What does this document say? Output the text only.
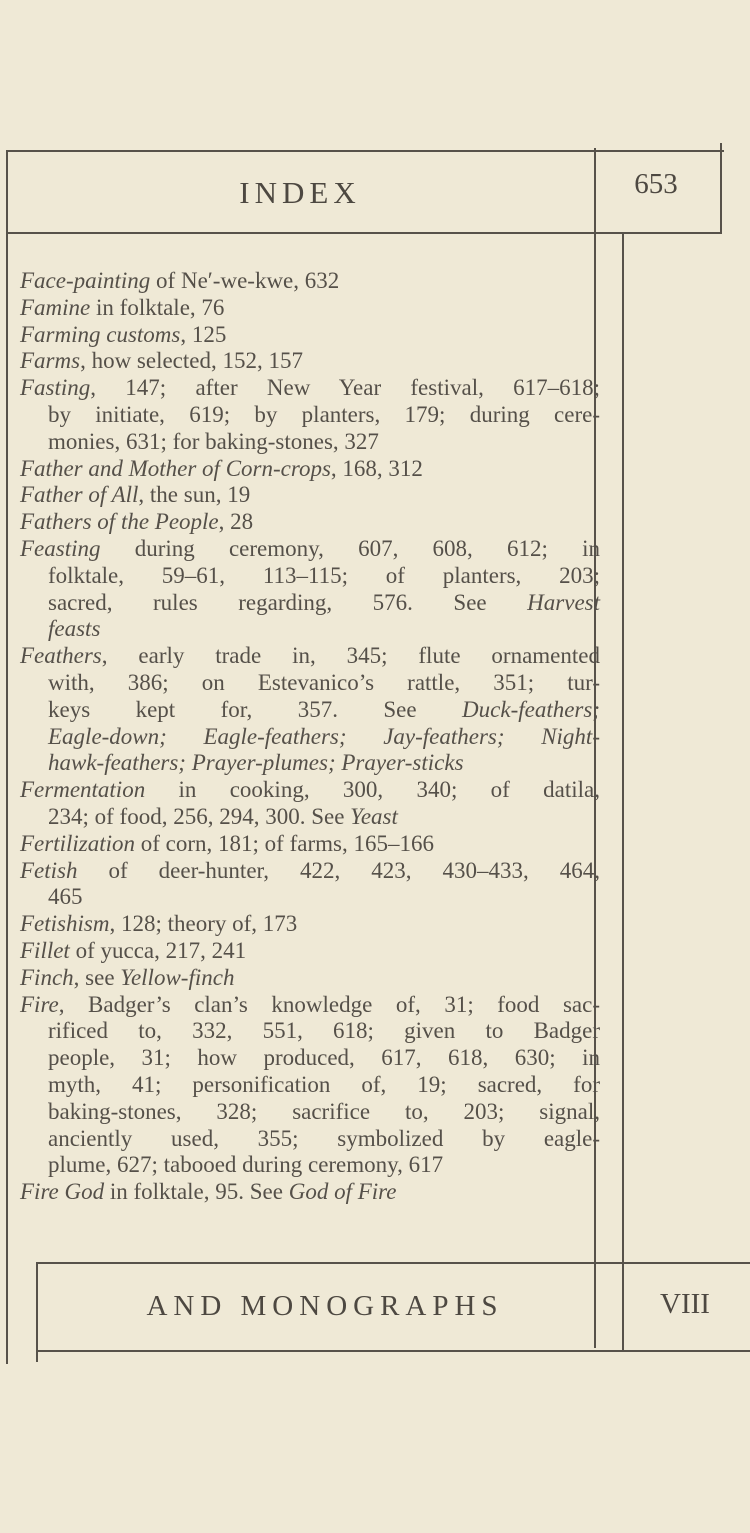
INDEX	653
Face-painting of Ne′-we-kwe, 632
Famine in folktale, 76
Farming customs, 125
Farms, how selected, 152, 157
Fasting, 147; after New Year festival, 617–618;
by initiate, 619; by planters, 179; during cere-
monies, 631; for baking-stones, 327
Father and Mother of Corn-crops, 168, 312
Father of All, the sun, 19
Fathers of the People, 28
Feasting during ceremony, 607, 608, 612; in
folktale, 59–61, 113–115; of planters, 203;
sacred, rules regarding, 576. See Harvest
feasts
Feathers, early trade in, 345; flute ornamented
with, 386; on Estevanico’s rattle, 351; tur-
keys kept for, 357. See Duck-feathers;
Eagle-down; Eagle-feathers; Jay-feathers; Night-
hawk-feathers; Prayer-plumes; Prayer-sticks
Fermentation in cooking, 300, 340; of datila,
234; of food, 256, 294, 300. See Yeast
Fertilization of corn, 181; of farms, 165–166
Fetish of deer-hunter, 422, 423, 430–433, 464,
465
Fetishism, 128; theory of, 173
Fillet of yucca, 217, 241
Finch, see Yellow-finch
Fire, Badger’s clan’s knowledge of, 31; food sac-
rificed to, 332, 551, 618; given to Badger
people, 31; how produced, 617, 618, 630; in
myth, 41; personification of, 19; sacred, for
baking-stones, 328; sacrifice to, 203; signal,
anciently used, 355; symbolized by eagle-
plume, 627; tabooed during ceremony, 617
Fire God in folktale, 95. See God of Fire
AND MONOGRAPHS	VIII
